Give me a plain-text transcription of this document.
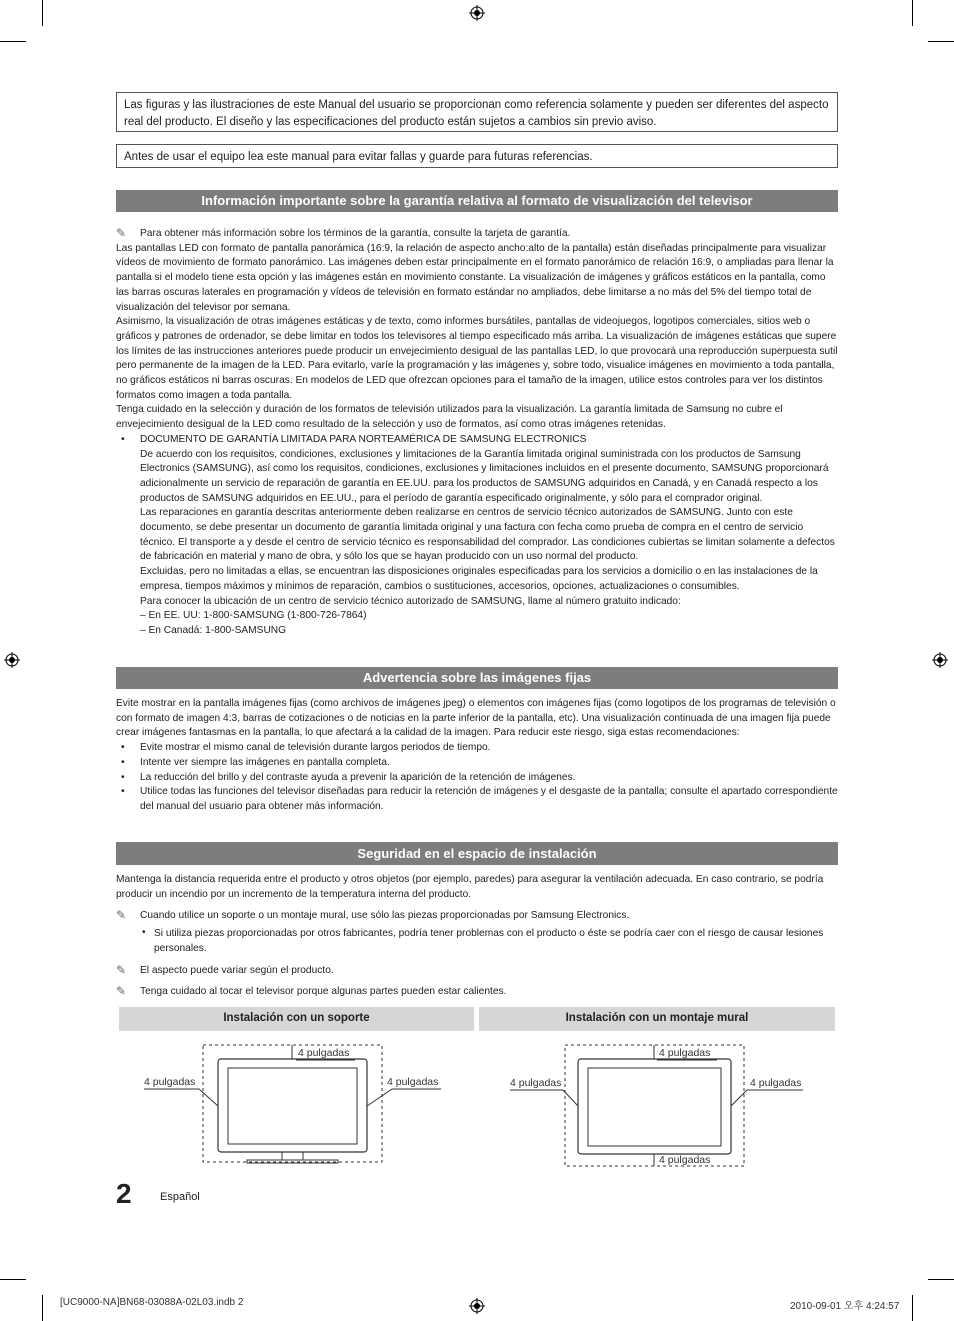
Las figuras y las ilustraciones de este Manual del usuario se proporcionan como referencia solamente y pueden ser diferentes del aspecto real del producto. El diseño y las especificaciones del producto están sujetos a cambios sin previo aviso.
Antes de usar el equipo lea este manual para evitar fallas y guarde para futuras referencias.
Información importante sobre la garantía relativa al formato de visualización del televisor

✎ Para obtener más información sobre los términos de la garantía, consulte la tarjeta de garantía.

Las pantallas LED con formato de pantalla panorámica (16:9, la relación de aspecto ancho:alto de la pantalla) están diseñadas principalmente para visualizar vídeos de movimiento de formato panorámico. Las imágenes deben estar principalmente en el formato panorámico de relación 16:9, o ampliadas para llenar la pantalla si el modelo tiene esta opción y las imágenes están en movimiento constante. La visualización de imágenes y gráficos estáticos en la pantalla, como las barras oscuras laterales en programación y vídeos de televisión en formato estándar no ampliados, debe limitarse a no más del 5% del tiempo total de visualización del televisor por semana.

Asimismo, la visualización de otras imágenes estáticas y de texto, como informes bursátiles, pantallas de videojuegos, logotipos comerciales, sitios web o gráficos y patrones de ordenador, se debe limitar en todos los televisores al tiempo especificado más arriba. La visualización de imágenes estáticas que supere los límites de las instrucciones anteriores puede producir un envejecimiento desigual de las pantallas LED, lo que provocará una reproducción superpuesta sutil pero permanente de la imagen de la LED. Para evitarlo, varíe la programación y las imágenes y, sobre todo, visualice imágenes en movimiento a toda pantalla, no gráficos estáticos ni barras oscuras. En modelos de LED que ofrezcan opciones para el tamaño de la imagen, utilice estos controles para ver los distintos formatos como imagen a toda pantalla.

Tenga cuidado en la selección y duración de los formatos de televisión utilizados para la visualización. La garantía limitada de Samsung no cubre el envejecimiento desigual de la LED como resultado de la selección y uso de formatos, así como otras imágenes retenidas.

• DOCUMENTO DE GARANTÍA LIMITADA PARA NORTEAMÉRICA DE SAMSUNG ELECTRONICS

De acuerdo con los requisitos, condiciones, exclusiones y limitaciones de la Garantía limitada original suministrada con los productos de Samsung Electronics (SAMSUNG), así como los requisitos, condiciones, exclusiones y limitaciones incluidos en el presente documento, SAMSUNG proporcionará adicionalmente un servicio de reparación de garantía en EE.UU. para los productos de SAMSUNG adquiridos en Canadá, y en Canadá respecto a los productos de SAMSUNG adquiridos en EE.UU., para el período de garantía especificado originalmente, y sólo para el comprador original.

Las reparaciones en garantía descritas anteriormente deben realizarse en centros de servicio técnico autorizados de SAMSUNG. Junto con este documento, se debe presentar un documento de garantía limitada original y una factura con fecha como prueba de compra en el centro de servicio técnico. El transporte a y desde el centro de servicio técnico es responsabilidad del comprador. Las condiciones cubiertas se limitan solamente a defectos de fabricación en material y mano de obra, y sólo los que se hayan producido con un uso normal del producto.

Excluidas, pero no limitadas a ellas, se encuentran las disposiciones originales especificadas para los servicios a domicilio o en las instalaciones de la empresa, tiempos máximos y mínimos de reparación, cambios o sustituciones, accesorios, opciones, actualizaciones o consumibles.

Para conocer la ubicación de un centro de servicio técnico autorizado de SAMSUNG, llame al número gratuito indicado:

– En EE. UU: 1-800-SAMSUNG (1-800-726-7864)

– En Canadá: 1-800-SAMSUNG

Advertencia sobre las imágenes fijas

Evite mostrar en la pantalla imágenes fijas (como archivos de imágenes jpeg) o elementos con imágenes fijas (como logotipos de los programas de televisión o con formato de imagen 4:3, barras de cotizaciones o de noticias en la parte inferior de la pantalla, etc). Una visualización continuada de una imagen fija puede crear imágenes fantasmas en la pantalla, lo que afectará a la calidad de la imagen. Para reducir este riesgo, siga estas recomendaciones:

• Evite mostrar el mismo canal de televisión durante largos periodos de tiempo.

• Intente ver siempre las imágenes en pantalla completa.

• La reducción del brillo y del contraste ayuda a prevenir la aparición de la retención de imágenes.

• Utilice todas las funciones del televisor diseñadas para reducir la retención de imágenes y el desgaste de la pantalla; consulte el apartado correspondiente del manual del usuario para obtener más información.

Seguridad en el espacio de instalación

Mantenga la distancia requerida entre el producto y otros objetos (por ejemplo, paredes) para asegurar la ventilación adecuada. En caso contrario, se podría producir un incendio por un incremento de la temperatura interna del producto.

✎ Cuando utilice un soporte o un montaje mural, use sólo las piezas proporcionadas por Samsung Electronics.

• Si utiliza piezas proporcionadas por otros fabricantes, podría tener problemas con el producto o éste se podría caer con el riesgo de causar lesiones personales.

✎ El aspecto puede variar según el producto.

✎ Tenga cuidado al tocar el televisor porque algunas partes pueden estar calientes.

Instalación con un soporte	Instalación con un montaje mural
4 pulgadas
4 pulgadas	4 pulgadas
4 pulgadas
4 pulgadas	4 pulgadas
4 pulgadas
2	Español
[UC9000-NA]BN68-03088A-02L03.indb 2	2010-09-01 오후 4:24:57
